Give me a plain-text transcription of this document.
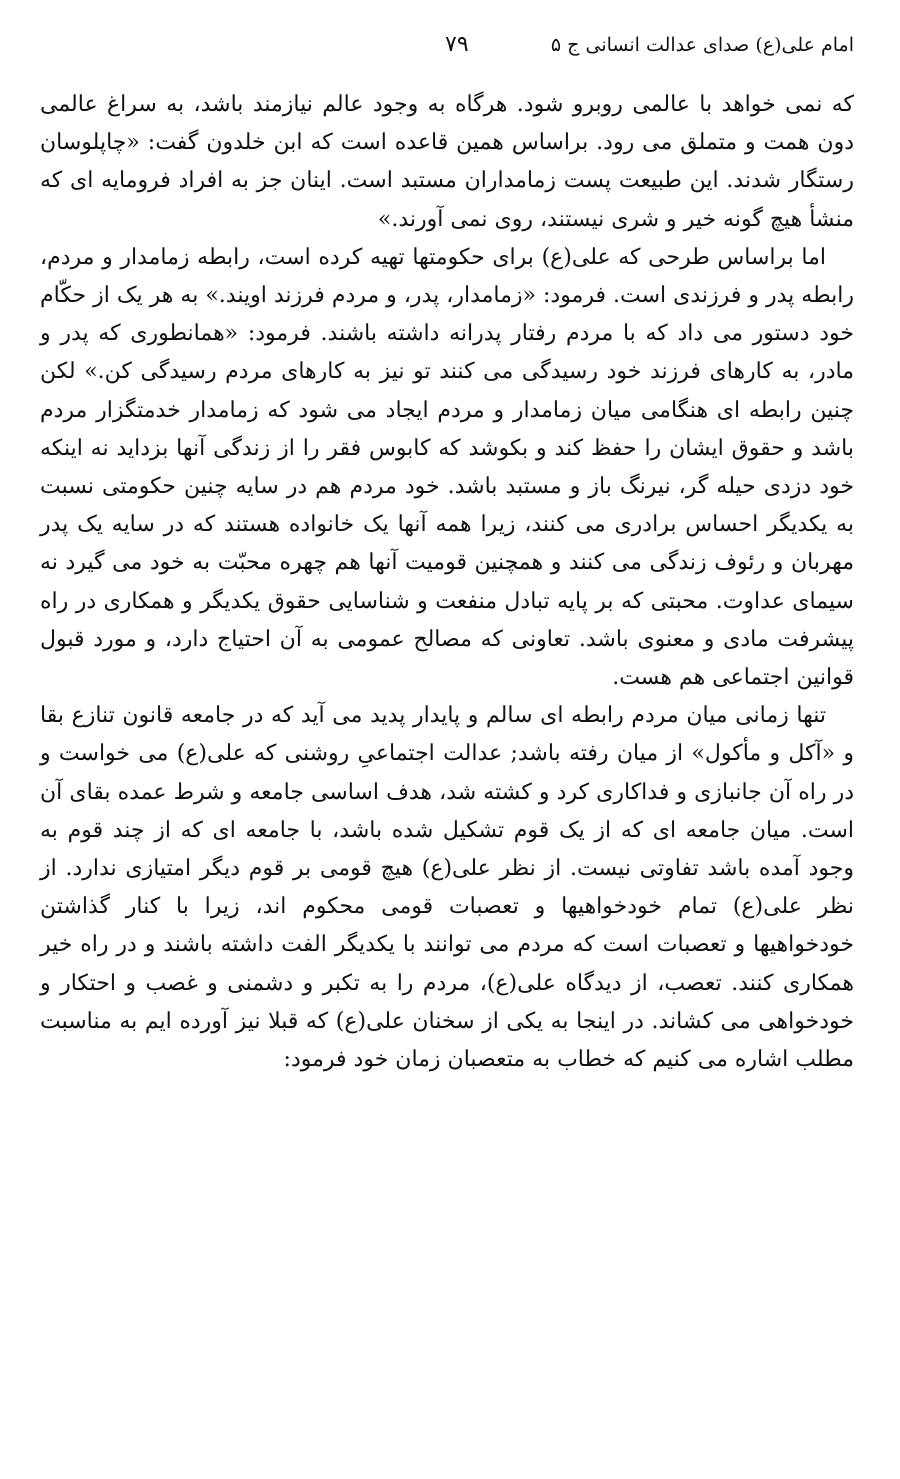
امام علی(ع) صدای عدالت انسانی ج ۵
۷۹

که نمی خواهد با عالمی روبرو شود. هرگاه به وجود عالم نیازمند باشد، به سراغ عالمی دون همت و متملق می رود. براساس همین قاعده است که ابن خلدون گفت: «چاپلوسان رستگار شدند. این طبیعت پست زمامداران مستبد است. اینان جز به افراد فرومایه ای که منشأ هیچ گونه خیر و شری نیستند، روی نمی آورند.»

اما براساس طرحی که علی(ع) برای حکومتها تهیه کرده است، رابطه زمامدار و مردم، رابطه پدر و فرزندی است. فرمود: «زمامدار، پدر، و مردم فرزند اویند.» به هر یک از حکّام خود دستور می داد که با مردم رفتار پدرانه داشته باشند. فرمود: «همانطوری که پدر و مادر، به کارهای فرزند خود رسیدگی می کنند تو نیز به کارهای مردم رسیدگی کن.» لکن چنین رابطه ای هنگامی میان زمامدار و مردم ایجاد می شود که زمامدار خدمتگزار مردم باشد و حقوق ایشان را حفظ کند و بکوشد که کابوس فقر را از زندگی آنها بزداید نه اینکه خود دزدی حیله گر، نیرنگ باز و مستبد باشد. خود مردم هم در سایه چنین حکومتی نسبت به یکدیگر احساس برادری می کنند، زیرا همه آنها یک خانواده هستند که در سایه یک پدر مهربان و رئوف زندگی می کنند و همچنین قومیت آنها هم چهره محبّت به خود می گیرد نه سیمای عداوت. محبتی که بر پایه تبادل منفعت و شناسایی حقوق یکدیگر و همکاری در راه پیشرفت مادی و معنوی باشد. تعاونی که مصالح عمومی به آن احتیاج دارد، و مورد قبول قوانین اجتماعی هم هست.

تنها زمانی میان مردم رابطه ای سالم و پایدار پدید می آید که در جامعه قانون تنازع بقا و «آکل و مأکول» از میان رفته باشد; عدالت اجتماعیِ روشنی که علی(ع) می خواست و در راه آن جانبازی و فداکاری کرد و کشته شد، هدف اساسی جامعه و شرط عمده بقای آن است. میان جامعه ای که از یک قوم تشکیل شده باشد، با جامعه ای که از چند قوم به وجود آمده باشد تفاوتی نیست. از نظر علی(ع) هیچ قومی بر قوم دیگر امتیازی ندارد. از نظر علی(ع) تمام خودخواهیها و تعصبات قومی محکوم اند، زیرا با کنار گذاشتن خودخواهیها و تعصبات است که مردم می توانند با یکدیگر الفت داشته باشند و در راه خیر همکاری کنند. تعصب، از دیدگاه علی(ع)، مردم را به تکبر و دشمنی و غصب و احتکار و خودخواهی می کشاند. در اینجا به یکی از سخنان علی(ع) که قبلا نیز آورده ایم به مناسبت مطلب اشاره می کنیم که خطاب به متعصبان زمان خود فرمود:
